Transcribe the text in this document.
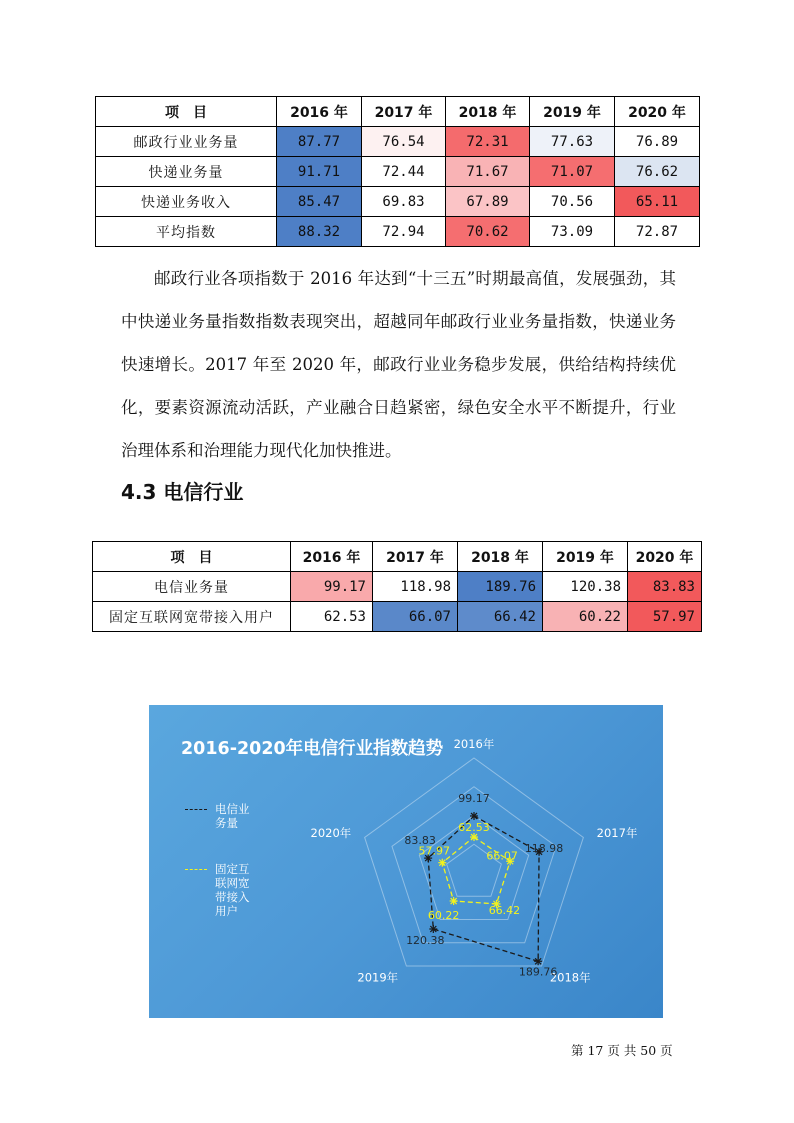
项　目	2016 年	2017 年	2018 年	2019 年	2020 年
邮政行业业务量	87.77	76.54	72.31	77.63	76.89
快递业务量	91.71	72.44	71.67	71.07	76.62
快递业务收入	85.47	69.83	67.89	70.56	65.11
平均指数	88.32	72.94	70.62	73.09	72.87

邮政行业各项指数于 2016 年达到“十三五”时期最高值，发展强劲，其中快递业务量指数指数表现突出，超越同年邮政行业业务量指数，快递业务快速增长。2017 年至 2020 年，邮政行业业务稳步发展，供给结构持续优化，要素资源流动活跃，产业融合日趋紧密，绿色安全水平不断提升，行业治理体系和治理能力现代化加快推进。

4.3 电信行业
项　目	2016 年	2017 年	2018 年	2019 年	2020 年
电信业务量	99.17	118.98	189.76	120.38	83.83
固定互联网宽带接入用户	62.53	66.07	66.42	60.22	57.97
2016-2020年电信行业指数趋势
电信业务量
固定互联网宽带接入用户
2016年
2017年
2018年
2019年
2020年
99.17
118.98
189.76
120.38
83.83
62.53
66.07
66.42
60.22
57.97
第 17 页 共 50 页
